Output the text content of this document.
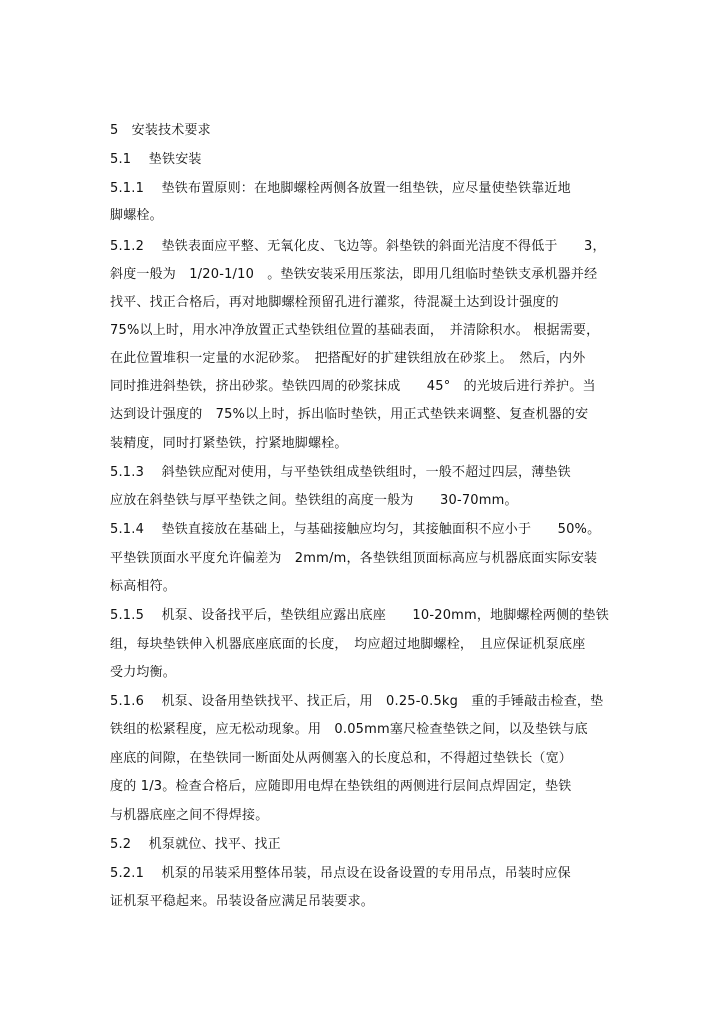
5　安装技术要求
5.1　 垫铁安装
5.1.1　 垫铁布置原则：在地脚螺栓两侧各放置一组垫铁，应尽量使垫铁靠近地
脚螺栓。
5.1.2　 垫铁表面应平整、无氧化皮、飞边等。斜垫铁的斜面光洁度不得低于　　3，
斜度一般为　1/20-1/10　。垫铁安装采用压浆法，即用几组临时垫铁支承机器并经
找平、找正合格后，再对地脚螺栓预留孔进行灌浆，待混凝土达到设计强度的
75%以上时，用水冲净放置正式垫铁组位置的基础表面，　并清除积水。 根据需要，
在此位置堆积一定量的水泥砂浆。　把搭配好的扩建铁组放在砂浆上。　然后，内外
同时推进斜垫铁，挤出砂浆。垫铁四周的砂浆抹成　　45°　的光坡后进行养护。当
达到设计强度的　75%以上时，拆出临时垫铁，用正式垫铁来调整、复查机器的安
装精度，同时打紧垫铁，拧紧地脚螺栓。
5.1.3　 斜垫铁应配对使用，与平垫铁组成垫铁组时，一般不超过四层，薄垫铁
应放在斜垫铁与厚平垫铁之间。垫铁组的高度一般为　　30-70mm。
5.1.4　 垫铁直接放在基础上，与基础接触应均匀，其接触面积不应小于　　50%。
平垫铁顶面水平度允许偏差为　2mm/m，各垫铁组顶面标高应与机器底面实际安装
标高相符。
5.1.5　 机泵、设备找平后，垫铁组应露出底座　　10-20mm，地脚螺栓两侧的垫铁
组，每块垫铁伸入机器底座底面的长度，　均应超过地脚螺栓，　且应保证机泵底座
受力均衡。
5.1.6　 机泵、设备用垫铁找平、找正后，用　0.25-0.5kg　重的手锤敲击检查，垫
铁组的松紧程度，应无松动现象。用　0.05mm塞尺检查垫铁之间，以及垫铁与底
座底的间隙，在垫铁同一断面处从两侧塞入的长度总和，不得超过垫铁长（宽）
度的 1/3。检查合格后，应随即用电焊在垫铁组的两侧进行层间点焊固定，垫铁
与机器底座之间不得焊接。
5.2　 机泵就位、找平、找正
5.2.1　 机泵的吊装采用整体吊装，吊点设在设备设置的专用吊点，吊装时应保
证机泵平稳起来。吊装设备应满足吊装要求。
